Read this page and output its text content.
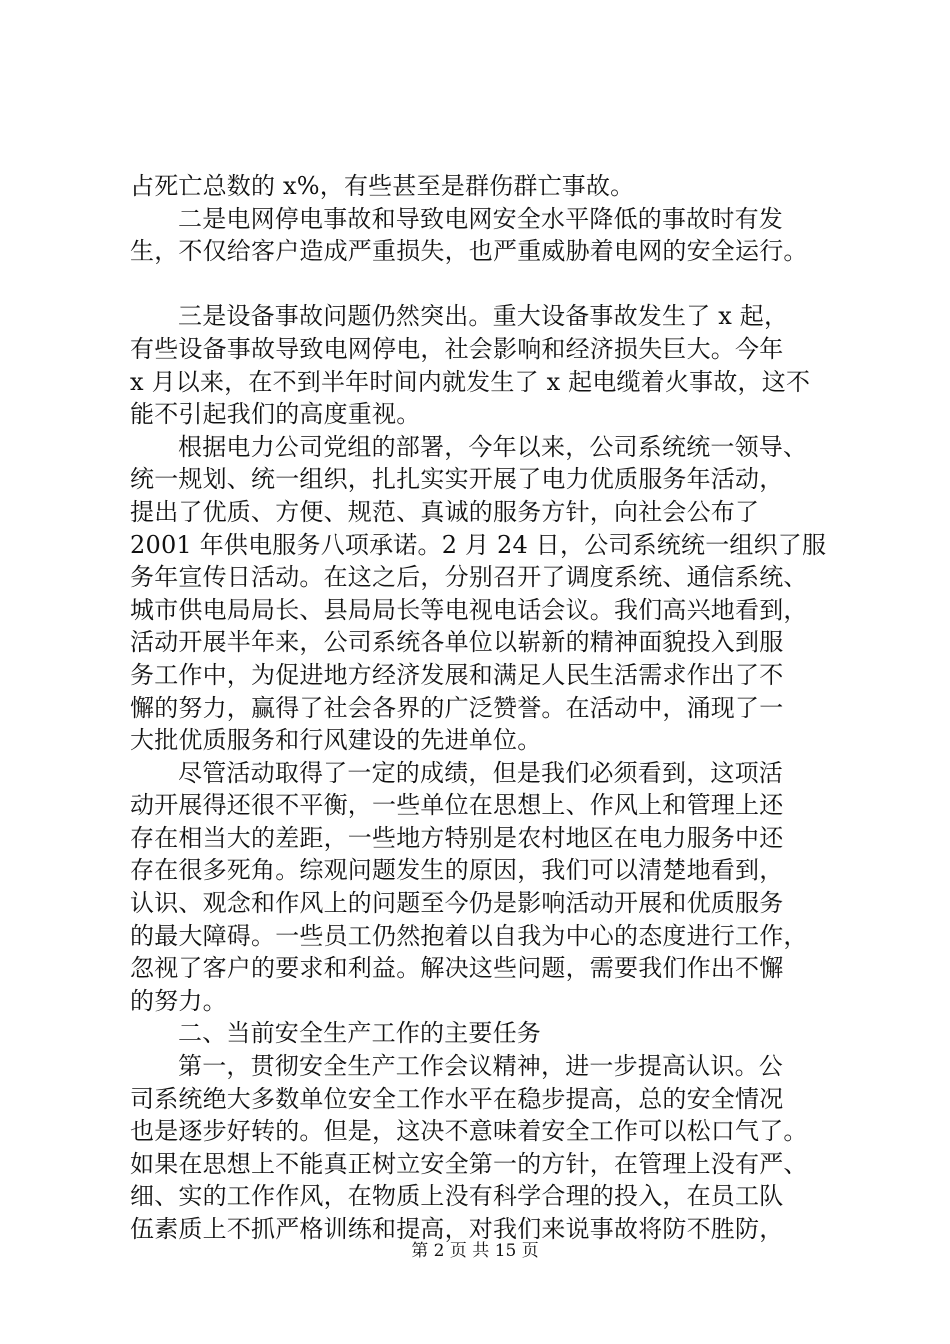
占死亡总数的 x%，有些甚至是群伤群亡事故。
二是电网停电事故和导致电网安全水平降低的事故时有发
生，不仅给客户造成严重损失，也严重威胁着电网的安全运行。
三是设备事故问题仍然突出。重大设备事故发生了 x 起，
有些设备事故导致电网停电，社会影响和经济损失巨大。今年
x 月以来，在不到半年时间内就发生了 x 起电缆着火事故，这不
能不引起我们的高度重视。
根据电力公司党组的部署，今年以来，公司系统统一领导、
统一规划、统一组织，扎扎实实开展了电力优质服务年活动，
提出了优质、方便、规范、真诚的服务方针，向社会公布了
2001 年供电服务八项承诺。2 月 24 日，公司系统统一组织了服
务年宣传日活动。在这之后，分别召开了调度系统、通信系统、
城市供电局局长、县局局长等电视电话会议。我们高兴地看到，
活动开展半年来，公司系统各单位以崭新的精神面貌投入到服
务工作中，为促进地方经济发展和满足人民生活需求作出了不
懈的努力，赢得了社会各界的广泛赞誉。在活动中，涌现了一
大批优质服务和行风建设的先进单位。
尽管活动取得了一定的成绩，但是我们必须看到，这项活
动开展得还很不平衡，一些单位在思想上、作风上和管理上还
存在相当大的差距，一些地方特别是农村地区在电力服务中还
存在很多死角。综观问题发生的原因，我们可以清楚地看到，
认识、观念和作风上的问题至今仍是影响活动开展和优质服务
的最大障碍。一些员工仍然抱着以自我为中心的态度进行工作，
忽视了客户的要求和利益。解决这些问题，需要我们作出不懈
的努力。
二、当前安全生产工作的主要任务
第一，贯彻安全生产工作会议精神，进一步提高认识。公
司系统绝大多数单位安全工作水平在稳步提高，总的安全情况
也是逐步好转的。但是，这决不意味着安全工作可以松口气了。
如果在思想上不能真正树立安全第一的方针，在管理上没有严、
细、实的工作作风，在物质上没有科学合理的投入，在员工队
伍素质上不抓严格训练和提高，对我们来说事故将防不胜防，
第 2 页 共 15 页
